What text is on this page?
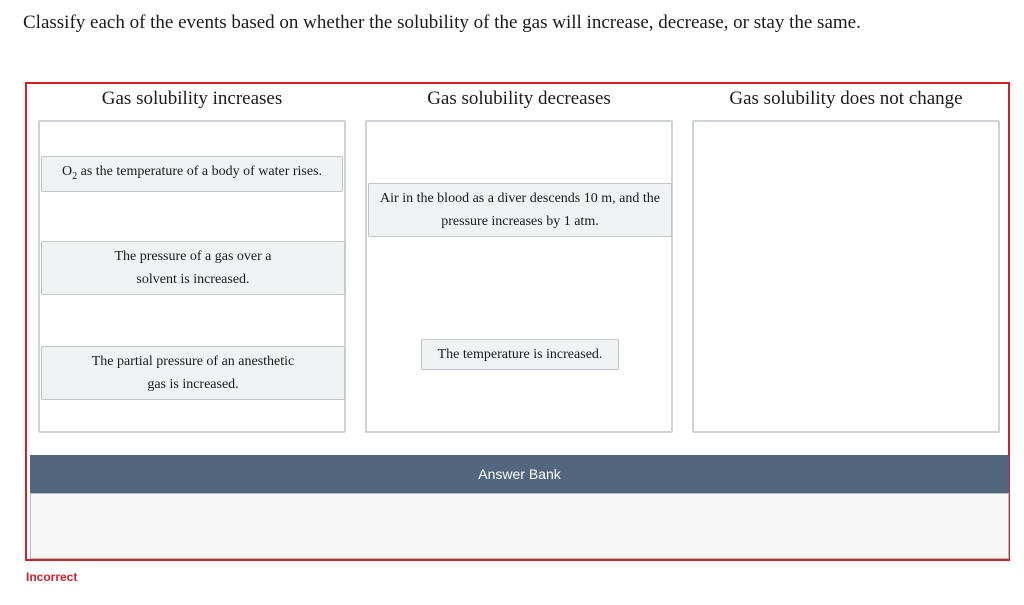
Classify each of the events based on whether the solubility of the gas will increase, decrease, or stay the same.
Gas solubility increases	Gas solubility decreases	Gas solubility does not change
$O_2$ as the temperature of a body of water rises.
The pressure of a gas over a solvent is increased.
The partial pressure of an anesthetic gas is increased.
Air in the blood as a diver descends 10 m, and the pressure increases by 1 atm.
The temperature is increased.
Answer Bank
Incorrect
